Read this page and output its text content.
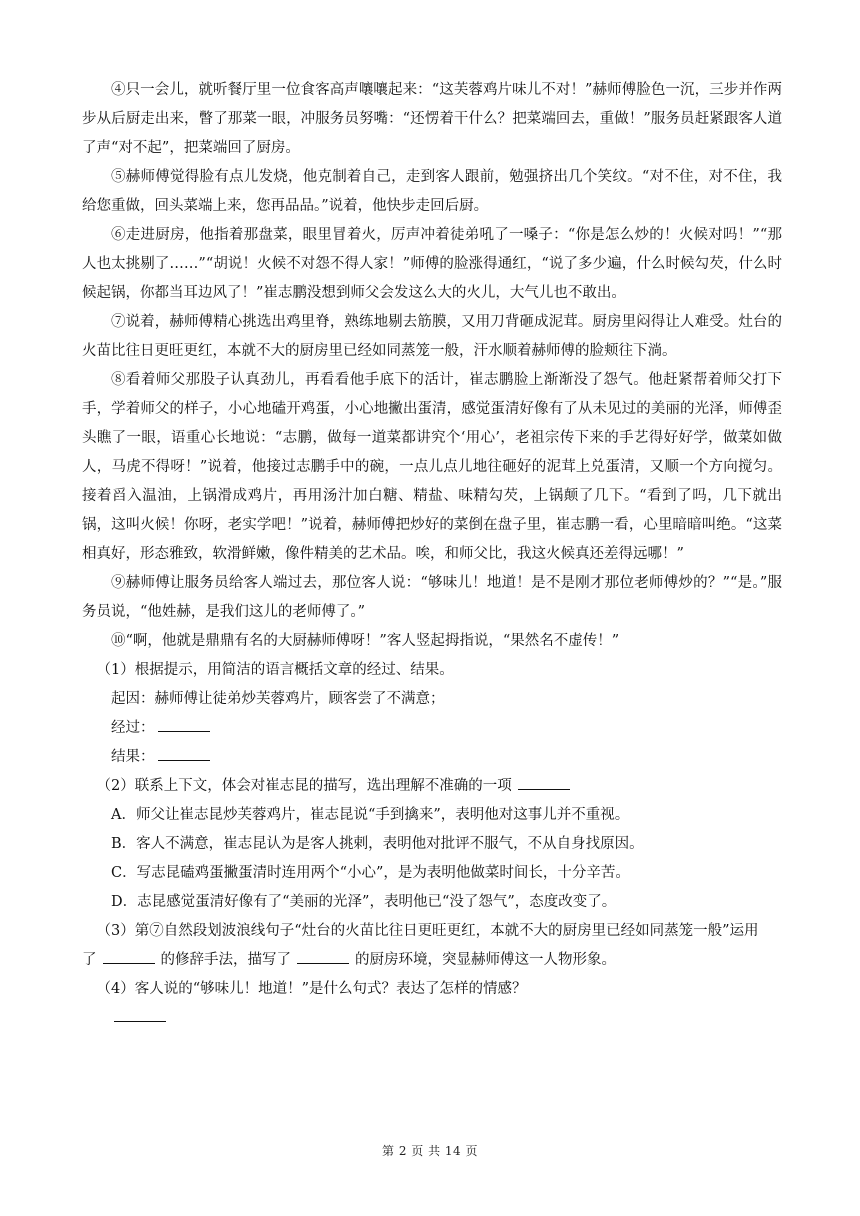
④只一会儿，就听餐厅里一位食客高声嚷嚷起来：“这芙蓉鸡片味儿不对！”赫师傅脸色一沉，三步并作两步从后厨走出来，瞥了那菜一眼，冲服务员努嘴：“还愣着干什么？把菜端回去，重做！”服务员赶紧跟客人道了声“对不起”，把菜端回了厨房。

⑤赫师傅觉得脸有点儿发烧，他克制着自己，走到客人跟前，勉强挤出几个笑纹。“对不住，对不住，我给您重做，回头菜端上来，您再品品。”说着，他快步走回后厨。

⑥走进厨房，他指着那盘菜，眼里冒着火，厉声冲着徒弟吼了一嗓子：“你是怎么炒的！火候对吗！”“那人也太挑剔了……”“胡说！火候不对怨不得人家！”师傅的脸涨得通红，“说了多少遍，什么时候勾芡，什么时候起锅，你都当耳边风了！”崔志鹏没想到师父会发这么大的火儿，大气儿也不敢出。

⑦说着，赫师傅精心挑选出鸡里脊，熟练地剔去筋膜，又用刀背砸成泥茸。厨房里闷得让人难受。灶台的火苗比往日更旺更红，本就不大的厨房里已经如同蒸笼一般，汗水顺着赫师傅的脸颊往下淌。

⑧看着师父那股子认真劲儿，再看看他手底下的活计，崔志鹏脸上渐渐没了怨气。他赶紧帮着师父打下手，学着师父的样子，小心地磕开鸡蛋，小心地撇出蛋清，感觉蛋清好像有了从未见过的美丽的光泽，师傅歪头瞧了一眼，语重心长地说：“志鹏，做每一道菜都讲究个‘用心’，老祖宗传下来的手艺得好好学，做菜如做人，马虎不得呀！”说着，他接过志鹏手中的碗，一点儿点儿地往砸好的泥茸上兑蛋清，又顺一个方向搅匀。接着舀入温油，上锅滑成鸡片，再用汤汁加白糖、精盐、味精勾芡，上锅颠了几下。“看到了吗，几下就出锅，这叫火候！你呀，老实学吧！”说着，赫师傅把炒好的菜倒在盘子里，崔志鹏一看，心里暗暗叫绝。“这菜相真好，形态雅致，软滑鲜嫩，像件精美的艺术品。唉，和师父比，我这火候真还差得远哪！”

⑨赫师傅让服务员给客人端过去，那位客人说：“够味儿！地道！是不是刚才那位老师傅炒的？”“是。”服务员说，“他姓赫，是我们这儿的老师傅了。”

⑩“啊，他就是鼎鼎有名的大厨赫师傅呀！”客人竖起拇指说，“果然名不虚传！”

（1）根据提示，用简洁的语言概括文章的经过、结果。

起因：赫师傅让徒弟炒芙蓉鸡片，顾客尝了不满意；

经过：

结果：

（2）联系上下文，体会对崔志昆的描写，选出理解不准确的一项

A．师父让崔志昆炒芙蓉鸡片，崔志昆说“手到擒来”，表明他对这事儿并不重视。

B．客人不满意，崔志昆认为是客人挑剌，表明他对批评不服气，不从自身找原因。

C．写志昆磕鸡蛋撇蛋清时连用两个“小心”，是为表明他做菜时间长，十分辛苦。

D．志昆感觉蛋清好像有了“美丽的光泽”，表明他已“没了怨气”，态度改变了。

（3）第⑦自然段划波浪线句子“灶台的火苗比往日更旺更红，本就不大的厨房里已经如同蒸笼一般”运用

了	的修辞手法，描写了	的厨房环境，突显赫师傅这一人物形象。

（4）客人说的“够味儿！地道！”是什么句式？表达了怎样的情感？

第 2 页 共 14 页
